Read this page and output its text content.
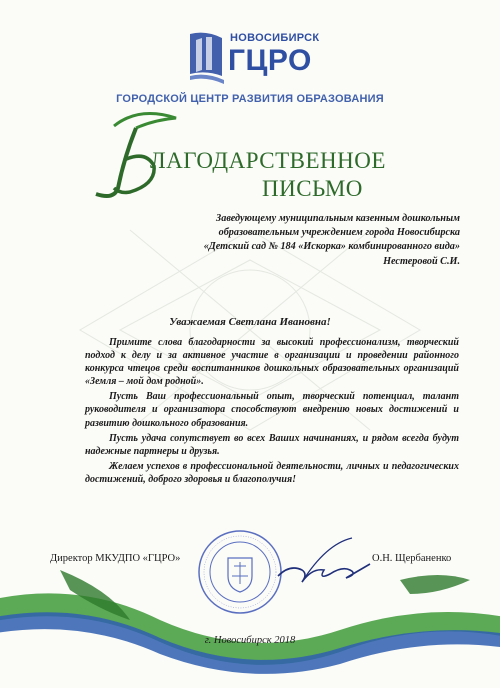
НОВОСИБИРСК
ГЦРО
ГОРОДСКОЙ ЦЕНТР РАЗВИТИЯ ОБРАЗОВАНИЯ
Б ЛАГОДАРСТВЕННОЕ
ПИСЬМО
Заведующему муниципальным казенным дошкольным
образовательным учреждением города Новосибирска
«Детский сад № 184 «Искорка» комбинированного вида»
Нестеровой С.И.
Уважаемая Светлана Ивановна!

Примите слова благодарности за высокий профессионализм, творческий подход к делу и за активное участие в организации и проведении районного конкурса чтецов среди воспитанников дошкольных образовательных организаций «Земля – мой дом родной».

Пусть Ваш профессиональный опыт, творческий потенциал, талант руководителя и организатора способствуют внедрению новых достижений и развитию дошкольного образования.

Пусть удача сопутствует во всех Ваших начинаниях, и рядом всегда будут надежные партнеры и друзья.

Желаем успехов в профессиональной деятельности, личных и педагогических достижений, доброго здоровья и благополучия!

Директор МКУДПО «ГЦРО»	О.Н. Щербаненко
г. Новосибирск 2018
